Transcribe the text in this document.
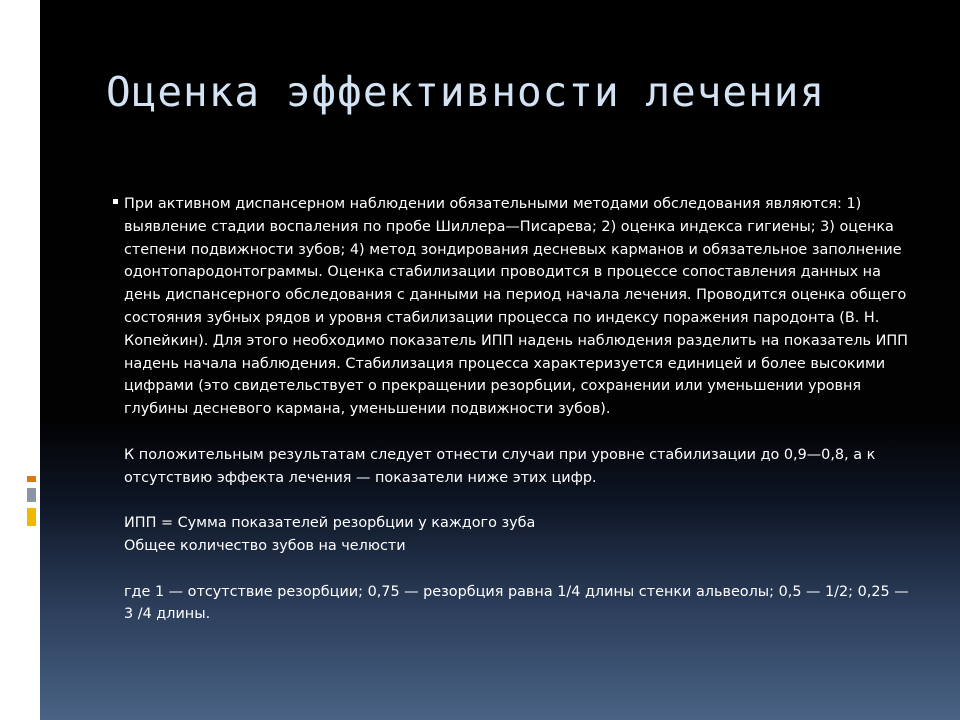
Оценка эффективности лечения

При активном диспансерном наблюдении обязательными методами обследования являются: 1) выявление стадии воспаления по пробе Шиллера—Писарева; 2) оценка индекса гигиены; 3) оценка степени подвижности зубов; 4) метод зондирования десневых карманов и обязательное заполнение одонтопародонтограммы. Оценка стабилизации проводится в процессе сопоставления данных на день диспансерного обследования с данными на период начала лечения. Проводится оценка общего состояния зубных рядов и уровня стабилизации процесса по индексу поражения пародонта (В. Н. Копейкин). Для этого необходимо показатель ИПП надень наблюдения разделить на показатель ИПП надень начала наблюдения. Стабилизация процесса характеризуется единицей и более высокими цифрами (это свидетельствует о прекращении резорбции, сохранении или уменьшении уровня глубины десневого кармана, уменьшении подвижности зубов).

К положительным результатам следует отнести случаи при уровне стабилизации до 0,9—0,8, а к отсутствию эффекта лечения — показатели ниже этих цифр.

ИПП = Сумма показателей резорбции у каждого зуба

Общее количество зубов на челюсти

где 1 — отсутствие резорбции; 0,75 — резорбция равна 1/4 длины стенки альвеолы; 0,5 — 1/2; 0,25 — 3 /4 длины.
